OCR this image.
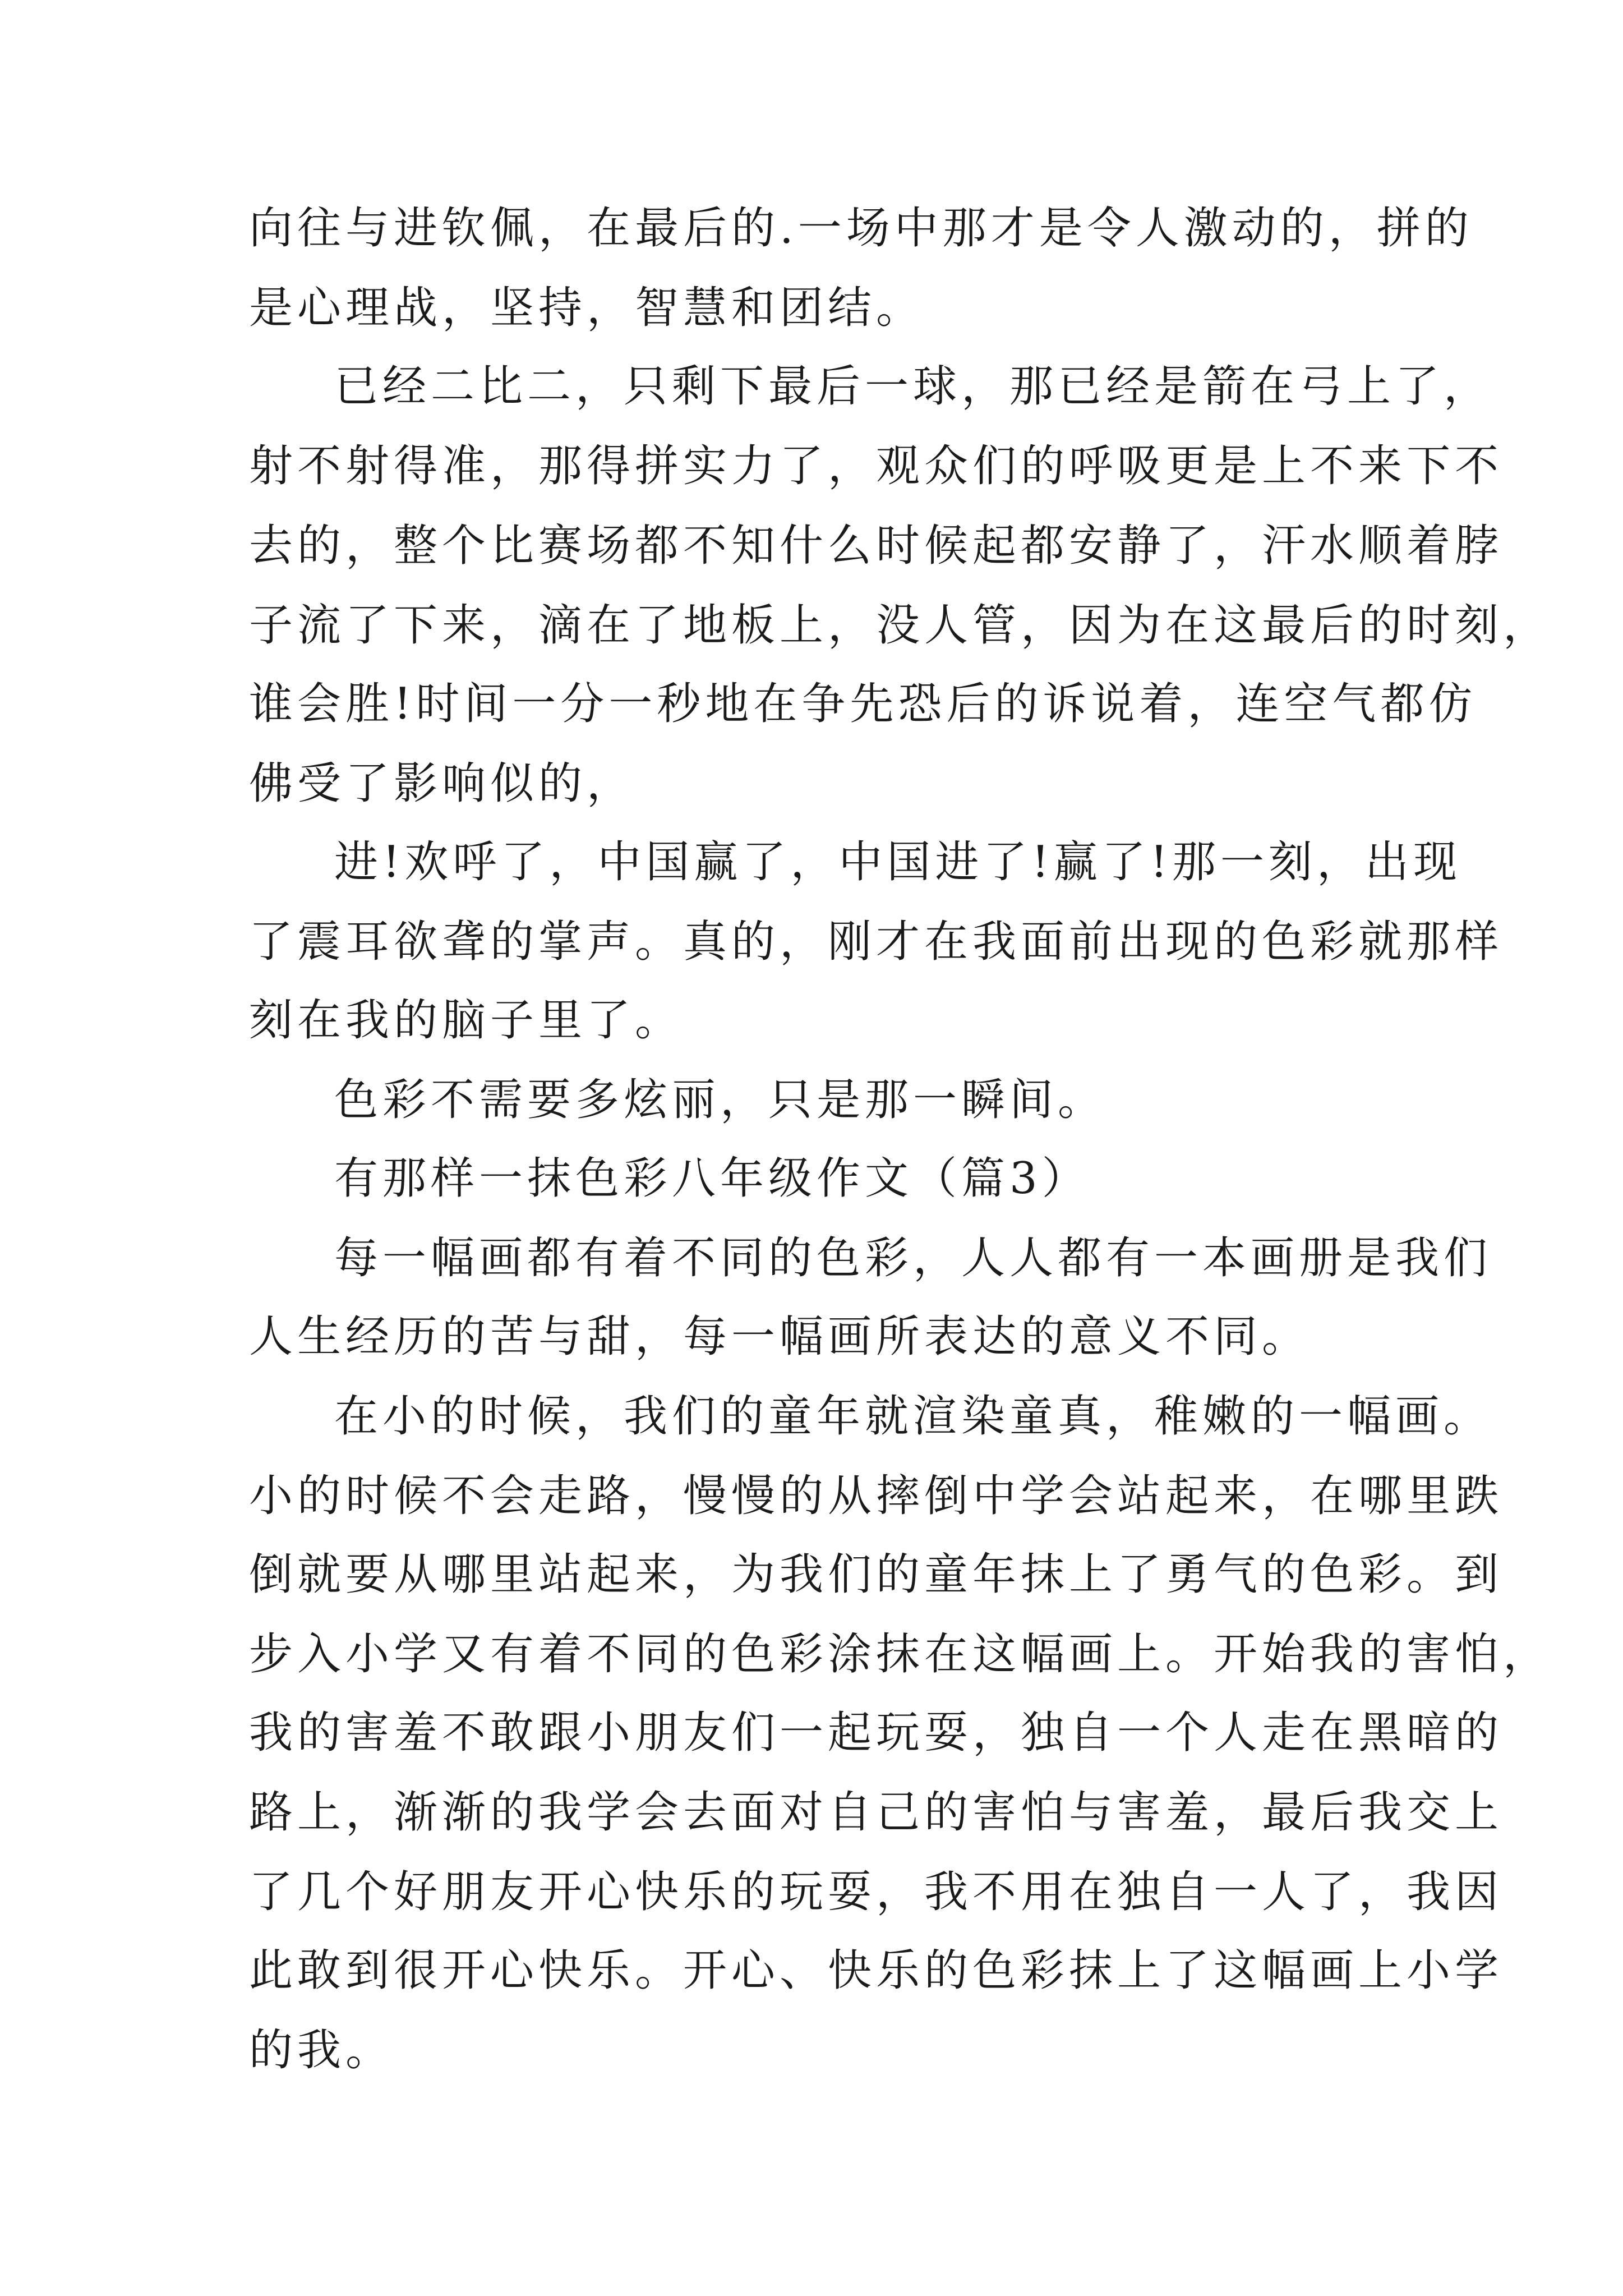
向往与进钦佩，在最后的.一场中那才是令人激动的，拼的
是心理战，坚持，智慧和团结。
已经二比二，只剩下最后一球，那已经是箭在弓上了，
射不射得准，那得拼实力了，观众们的呼吸更是上不来下不
去的，整个比赛场都不知什么时候起都安静了，汗水顺着脖
子流了下来，滴在了地板上，没人管，因为在这最后的时刻，
谁会胜!时间一分一秒地在争先恐后的诉说着，连空气都仿
佛受了影响似的，
进!欢呼了，中国赢了，中国进了!赢了!那一刻，出现
了震耳欲聋的掌声。真的，刚才在我面前出现的色彩就那样
刻在我的脑子里了。
色彩不需要多炫丽，只是那一瞬间。
有那样一抹色彩八年级作文（篇3）
每一幅画都有着不同的色彩，人人都有一本画册是我们
人生经历的苦与甜，每一幅画所表达的意义不同。
在小的时候，我们的童年就渲染童真，稚嫩的一幅画。
小的时候不会走路，慢慢的从摔倒中学会站起来，在哪里跌
倒就要从哪里站起来，为我们的童年抹上了勇气的色彩。到
步入小学又有着不同的色彩涂抹在这幅画上。开始我的害怕，
我的害羞不敢跟小朋友们一起玩耍，独自一个人走在黑暗的
路上，渐渐的我学会去面对自己的害怕与害羞，最后我交上
了几个好朋友开心快乐的玩耍，我不用在独自一人了，我因
此敢到很开心快乐。开心、快乐的色彩抹上了这幅画上小学
的我。
